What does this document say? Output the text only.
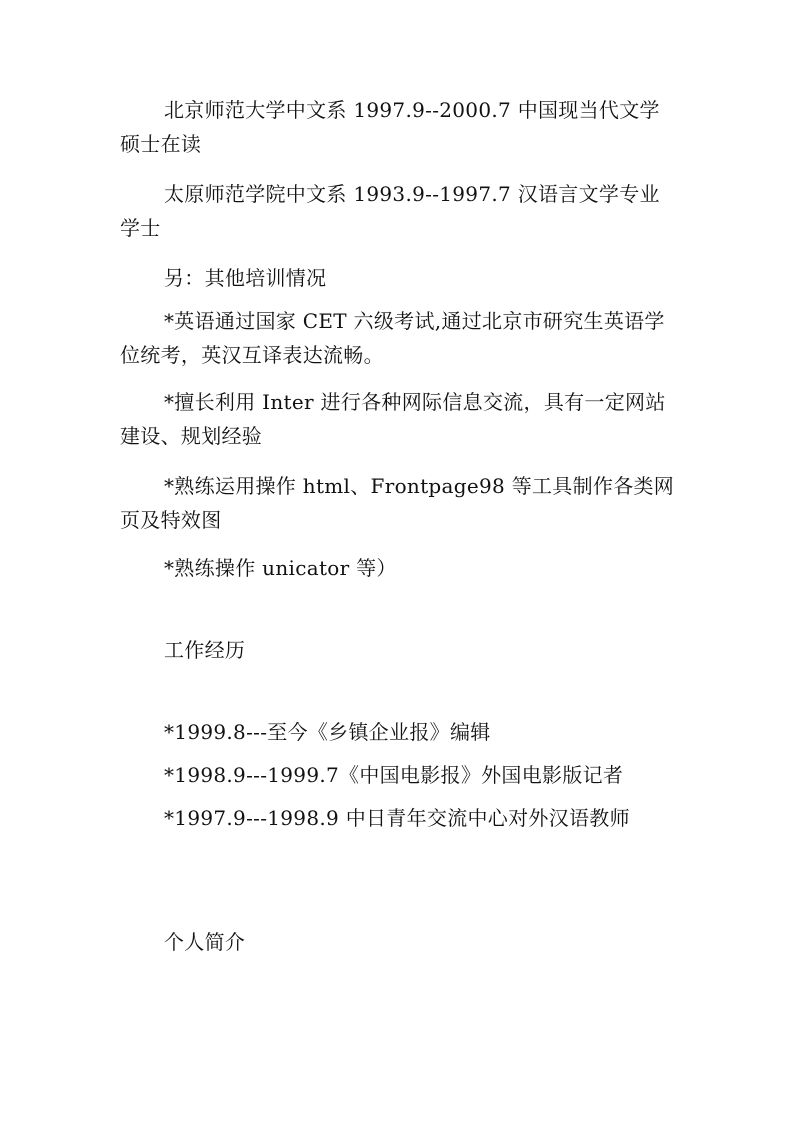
北京师范大学中文系 1997.9--2000.7 中国现当代文学硕士在读
太原师范学院中文系 1993.9--1997.7 汉语言文学专业学士
另：其他培训情况
*英语通过国家 CET 六级考试,通过北京市研究生英语学位统考，英汉互译表达流畅。
*擅长利用 Inter 进行各种网际信息交流，具有一定网站建设、规划经验
*熟练运用操作 html、Frontpage98 等工具制作各类网页及特效图
*熟练操作 unicator 等）
工作经历
*1999.8---至今《乡镇企业报》编辑
*1998.9---1999.7《中国电影报》外国电影版记者
*1997.9---1998.9 中日青年交流中心对外汉语教师
个人简介
